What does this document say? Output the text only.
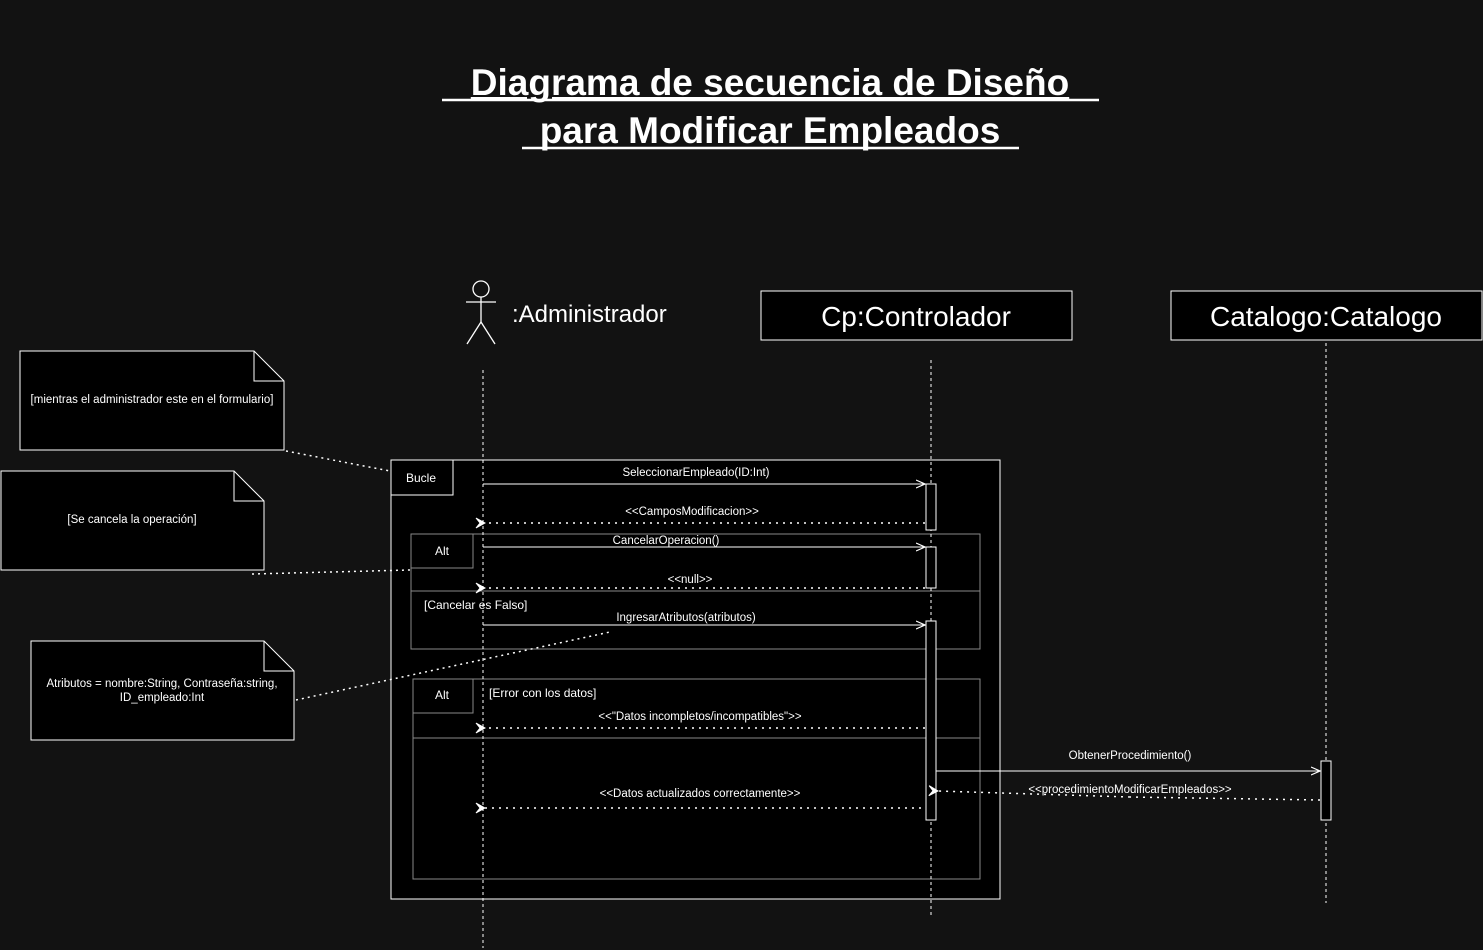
Diagrama de secuencia de Diseño
para Modificar Empleados
:Administrador	Cp:Controlador	Catalogo:Catalogo
Bucle
Alt
[Cancelar es Falso]
Alt	[Error con los datos]
SeleccionarEmpleado(ID:Int)
<<CamposModificacion>>
CancelarOperacion()
<<null>>
IngresarAtributos(atributos)
<<"Datos incompletos/incompatibles">>
ObtenerProcedimiento()
<<procedimientoModificarEmpleados>>
<<Datos actualizados correctamente>>
[mientras el administrador este en el formulario]
[Se cancela la operación]
Atributos = nombre:String, Contraseña:string,
ID_empleado:Int
